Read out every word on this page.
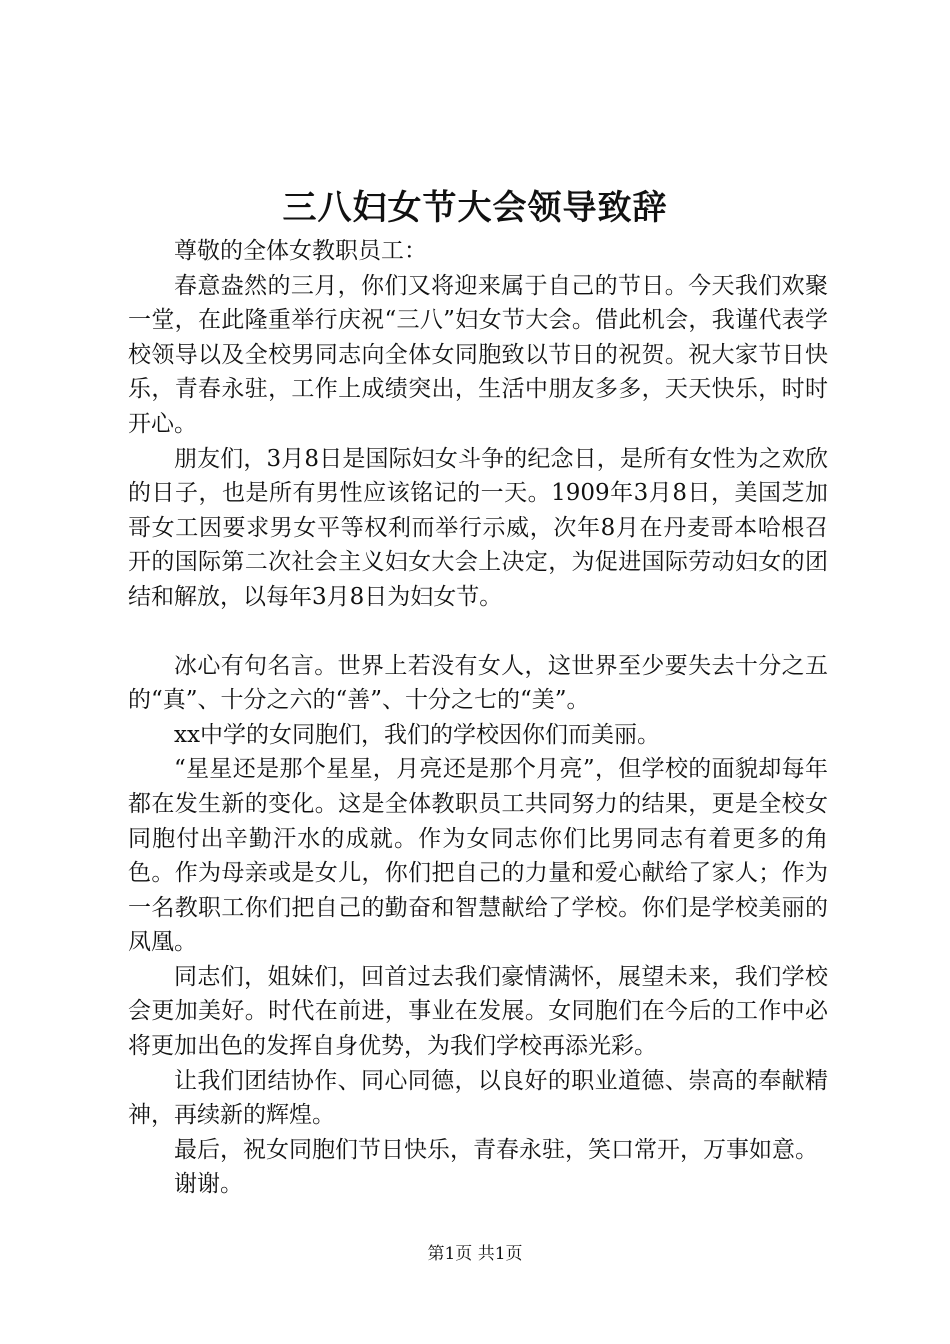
三八妇女节大会领导致辞

尊敬的全体女教职员工：

春意盎然的三月，你们又将迎来属于自己的节日。今天我们欢聚一堂，在此隆重举行庆祝“三八”妇女节大会。借此机会，我谨代表学校领导以及全校男同志向全体女同胞致以节日的祝贺。祝大家节日快乐，青春永驻，工作上成绩突出，生活中朋友多多，天天快乐，时时开心。

朋友们，3月8日是国际妇女斗争的纪念日，是所有女性为之欢欣的日子，也是所有男性应该铭记的一天。1909年3月8日，美国芝加哥女工因要求男女平等权利而举行示威，次年8月在丹麦哥本哈根召开的国际第二次社会主义妇女大会上决定，为促进国际劳动妇女的团结和解放，以每年3月8日为妇女节。

冰心有句名言。世界上若没有女人，这世界至少要失去十分之五的“真”、十分之六的“善”、十分之七的“美”。

xx中学的女同胞们，我们的学校因你们而美丽。

“星星还是那个星星，月亮还是那个月亮”，但学校的面貌却每年都在发生新的变化。这是全体教职员工共同努力的结果，更是全校女同胞付出辛勤汗水的成就。作为女同志你们比男同志有着更多的角色。作为母亲或是女儿，你们把自己的力量和爱心献给了家人；作为一名教职工你们把自己的勤奋和智慧献给了学校。你们是学校美丽的凤凰。

同志们，姐妹们，回首过去我们豪情满怀，展望未来，我们学校会更加美好。时代在前进，事业在发展。女同胞们在今后的工作中必将更加出色的发挥自身优势，为我们学校再添光彩。

让我们团结协作、同心同德，以良好的职业道德、崇高的奉献精神，再续新的辉煌。

最后，祝女同胞们节日快乐，青春永驻，笑口常开，万事如意。

谢谢。

第1页 共1页
